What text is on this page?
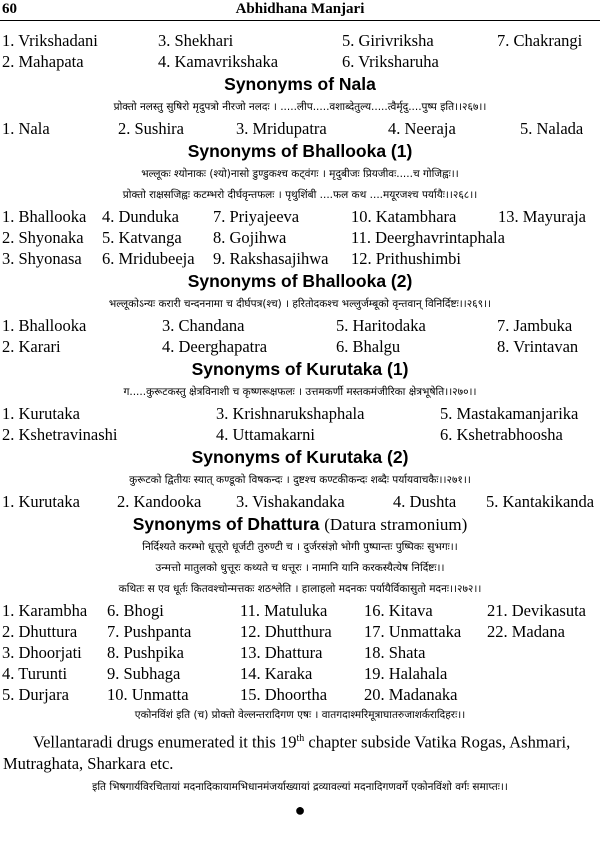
60	Abhidhana Manjari
1. Vrikshadani	3. Shekhari	5. Girivriksha	7. Chakrangi
2. Mahapata	4. Kamavrikshaka	6. Vriksharuha
Synonyms of Nala
प्रोक्तो नलस्तु सुषिरो मृदुपत्रो नीरजो नलदः । .....लीप.....वशाब्देतुल्य.....त्वैर्मृदु....पुष्प इति।।२६७।।
1. Nala	2. Sushira	3. Mridupatra	4. Neeraja	5. Nalada
Synonyms of Bhallooka (1)
भल्लूकः श्योनाकः (श्यो)नासो डुण्डुकश्च कट्वंगः । मृदुबीजः प्रियजीवः.....च गोजिह्वः।।
प्रोक्तो राक्षसजिह्वः कटम्भरो दीर्घवृन्तफलः । पृथुशिंबी ....फल कथ ....मयूरजश्च पर्यायैः।।२६८।।
1. Bhallooka 4. Dunduka 7. Priyajeeva	10. Katambhara	13. Mayuraja
2. Shyonaka 5. Katvanga 8. Gojihwa	11. Deerghavrintaphala
3. Shyonasa 6. Mridubeeja 9. Rakshasajihwa 12. Prithushimbi
Synonyms of Bhallooka (2)
भल्लूकोऽन्यः करारी चन्दननामा च दीर्घपत्र(श्च) । हरितोदकश्च भल्लुर्जम्बूको वृन्तवान् विनिर्दिष्टः।।२६९।।
1. Bhallooka	3. Chandana	5. Haritodaka	7. Jambuka
2. Karari	4. Deerghapatra	6. Bhalgu	8. Vrintavan
Synonyms of Kurutaka (1)
ग.....कुरूटकस्तु क्षेत्रविनाशी च कृष्णरूक्षफलः । उत्तमकर्णी मस्तकमंजीरिका क्षेत्रभूषेति।।२७०।।
1. Kurutaka	3. Krishnarukshaphala	5. Mastakamanjarika
2. Kshetravinashi	4. Uttamakarni	6. Kshetrabhoosha
Synonyms of Kurutaka (2)
कुरूटको द्वितीयः स्यात् कण्डूको विषकन्दः । दुष्टश्च कण्टकीकन्दः शब्दैः पर्यायवाचकैः।।२७१।।
1. Kurutaka 2. Kandooka 3. Vishakandaka	4. Dushta 5. Kantakikanda
Synonyms of Dhattura (Datura stramonium)
निर्दिश्यते करम्भो धूत्तूरो धूर्जटी तुरुण्टी च । दुर्जरसंज्ञो भोगी पुष्पान्तः पुष्पिकः सुभगः।।
उन्मत्तो मातुलको धुत्तूरः कथ्यते च धत्तूरः । नामानि यानि करकस्यैत्येष निर्दिष्टः।।
कथितः स एव धूर्तः कितवश्चोन्मत्तकः शठश्लेति । हालाहलो मदनकः पर्यायैर्विकासुतो मदनः।।२७२।।
1. Karambha 6. Bhogi	11. Matuluka 16. Kitava	21. Devikasuta
2. Dhuttura 7. Pushpanta	12. Dhutthura 17. Unmattaka 22. Madana
3. Dhoorjati 8. Pushpika	13. Dhattura	18. Shata
4. Turunti 9. Subhaga	14. Karaka	19. Halahala
5. Durjara 10. Unmatta	15. Dhoortha 20. Madanaka
एकोनविंशं इति (च) प्रोक्तो वेल्लन्तरादिगण एषः । वातगदाश्मरिमूत्राघातरुजाशर्करादिहरः।।
Vellantaradi drugs enumerated it this 19th chapter subside Vatika Rogas, Ashmari, Mutraghata, Sharkara etc.
इति भिषगार्यविरचितायां मदनादिकायामभिधानमंजर्याख्यायां द्रव्यावल्यां मदनादिगणवर्गे एकोनविंशो वर्गः समाप्तः।।
●
